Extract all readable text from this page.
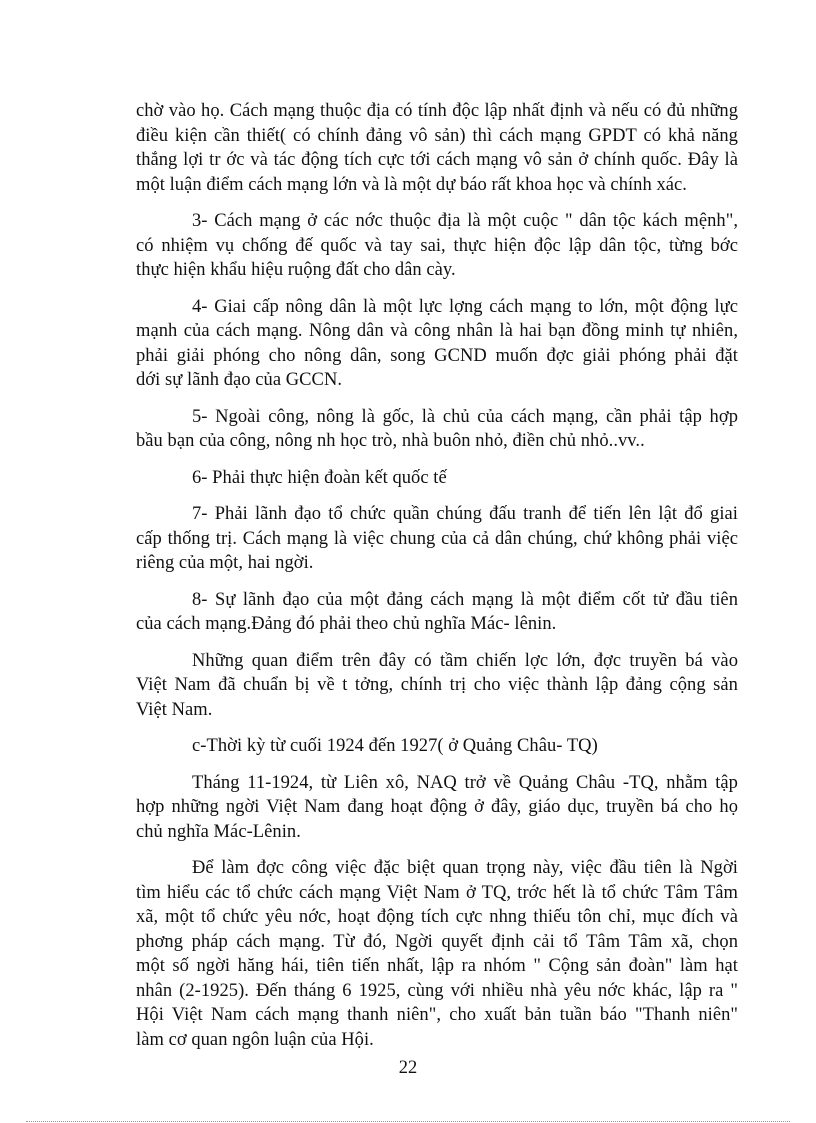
chờ vào họ. Cách mạng thuộc địa có tính độc lập nhất định và nếu có đủ những
điều kiện cần thiết( có chính đảng vô sản) thì cách mạng GPDT có khả năng
thắng lợi tr ớc và tác động tích cực tới cách mạng vô sản ở chính quốc. Đây là
một luận điểm cách mạng lớn và là một dự báo rất khoa học và chính xác.

3- Cách mạng ở các nớc thuộc địa là một cuộc " dân tộc kách mệnh",
có nhiệm vụ chống đế quốc và tay sai, thực hiện độc lập dân tộc, từng bớc
thực hiện khẩu hiệu ruộng đất cho dân cày.

4- Giai cấp nông dân là một lực lợng cách mạng to lớn, một động lực
mạnh của cách mạng. Nông dân và công nhân là hai bạn đồng minh tự nhiên,
phải giải phóng cho nông dân, song GCND muốn đợc giải phóng phải đặt
dới sự lãnh đạo của GCCN.

5- Ngoài công, nông là gốc, là chủ của cách mạng, cần phải tập hợp
bầu bạn của công, nông nh học trò, nhà buôn nhỏ, điền chủ nhỏ..vv..

6- Phải thực hiện đoàn kết quốc tế

7- Phải lãnh đạo tổ chức quần chúng đấu tranh để tiến lên lật đổ giai
cấp thống trị. Cách mạng là việc chung của cả dân chúng, chứ không phải việc
riêng của một, hai ngời.

8- Sự lãnh đạo của một đảng cách mạng là một điểm cốt tử đầu tiên
của cách mạng.Đảng đó phải theo chủ nghĩa Mác- lênin.

Những quan điểm trên đây có tầm chiến lợc lớn, đợc truyền bá vào
Việt Nam đã chuẩn bị về t tởng, chính trị cho việc thành lập đảng cộng sản
Việt Nam.

c-Thời kỳ từ cuối 1924 đến 1927( ở Quảng Châu- TQ)

Tháng 11-1924, từ Liên xô, NAQ trở về Quảng Châu -TQ, nhằm tập
hợp những ngời Việt Nam đang hoạt động ở đây, giáo dục, truyền bá cho họ
chủ nghĩa Mác-Lênin.

Để làm đợc công việc đặc biệt quan trọng này, việc đầu tiên là Ngời
tìm hiểu các tổ chức cách mạng Việt Nam ở TQ, trớc hết là tổ chức Tâm Tâm
xã, một tổ chức yêu nớc, hoạt động tích cực nhng thiếu tôn chỉ, mục đích và
phơng pháp cách mạng. Từ đó, Ngời quyết định cải tổ Tâm Tâm xã, chọn
một số ngời hăng hái, tiên tiến nhất, lập ra nhóm " Cộng sản đoàn" làm hạt
nhân (2-1925). Đến tháng 6 1925, cùng với nhiều nhà yêu nớc khác, lập ra "
Hội Việt Nam cách mạng thanh niên", cho xuất bản tuần báo "Thanh niên"
làm cơ quan ngôn luận của Hội.

22
